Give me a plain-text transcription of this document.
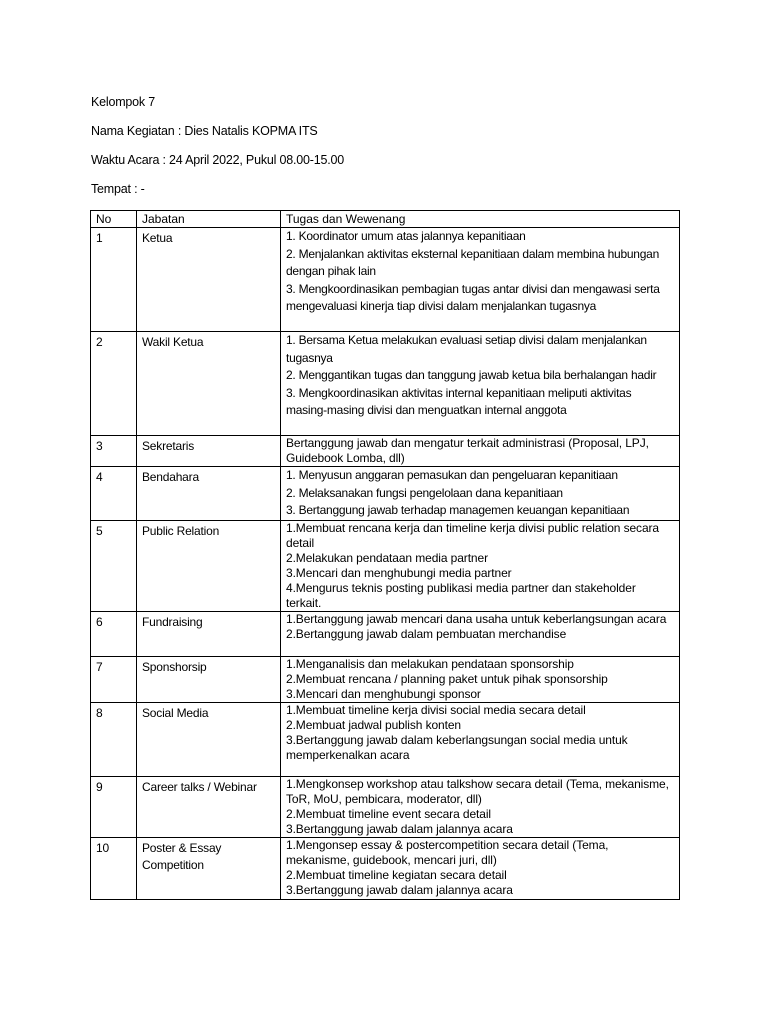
Kelompok 7
Nama Kegiatan : Dies Natalis KOPMA ITS
Waktu Acara : 24 April 2022, Pukul 08.00-15.00
Tempat : -
No	Jabatan	Tugas dan Wewenang
1	Ketua	1. Koordinator umum atas jalannya kepanitiaan
2. Menjalankan aktivitas eksternal kepanitiaan dalam membina hubungan dengan pihak lain
3. Mengkoordinasikan pembagian tugas antar divisi dan mengawasi serta mengevaluasi kinerja tiap divisi dalam menjalankan tugasnya

2	Wakil Ketua	1. Bersama Ketua melakukan evaluasi setiap divisi dalam menjalankan tugasnya
2. Menggantikan tugas dan tanggung jawab ketua bila berhalangan hadir
3. Mengkoordinasikan aktivitas internal kepanitiaan meliputi aktivitas masing-masing divisi dan menguatkan internal anggota

3	Sekretaris	Bertanggung jawab dan mengatur terkait administrasi (Proposal, LPJ, Guidebook Lomba, dll)

4	Bendahara	1. Menyusun anggaran pemasukan dan pengeluaran kepanitiaan
2. Melaksanakan fungsi pengelolaan dana kepanitiaan
3. Bertanggung jawab terhadap managemen keuangan kepanitiaan

5	Public Relation	1.Membuat rencana kerja dan timeline kerja divisi public relation secara detail
2.Melakukan pendataan media partner
3.Mencari dan menghubungi media partner
4.Mengurus teknis posting publikasi media partner dan stakeholder terkait.

6	Fundraising	1.Bertanggung jawab mencari dana usaha untuk keberlangsungan acara
2.Bertanggung jawab dalam pembuatan merchandise

7	Sponshorsip	1.Menganalisis dan melakukan pendataan sponsorship
2.Membuat rencana / planning paket untuk pihak sponsorship
3.Mencari dan menghubungi sponsor

8	Social Media	1.Membuat timeline kerja divisi social media secara detail
2.Membuat jadwal publish konten
3.Bertanggung jawab dalam keberlangsungan social media untuk memperkenalkan acara

9	Career talks / Webinar	1.Mengkonsep workshop atau talkshow secara detail (Tema, mekanisme, ToR, MoU, pembicara, moderator, dll)
2.Membuat timeline event secara detail
3.Bertanggung jawab dalam jalannya acara

10	Poster & Essay Competition	1.Mengonsep essay & postercompetition secara detail (Tema, mekanisme, guidebook, mencari juri, dll)
2.Membuat timeline kegiatan secara detail
3.Bertanggung jawab dalam jalannya acara
